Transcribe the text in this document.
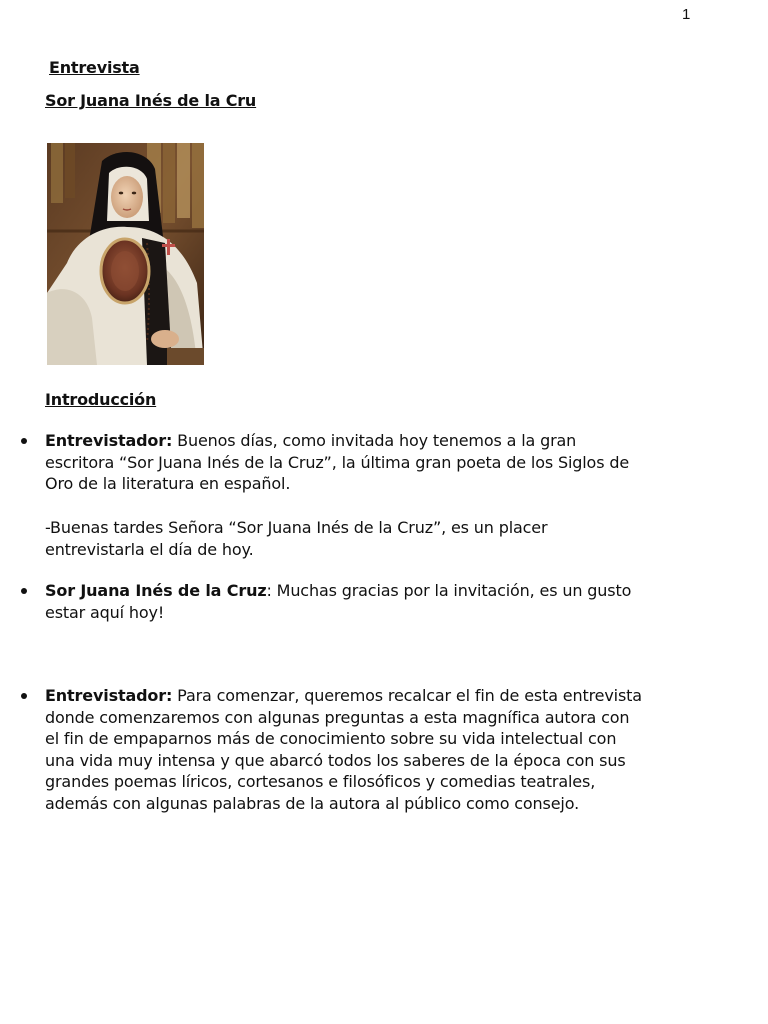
1
Entrevista
Sor Juana Inés de la Cru
Introducción
Entrevistador: Buenos días, como invitada hoy tenemos a la gran escritora “Sor Juana Inés de la Cruz”, la última gran poeta de los Siglos de Oro de la literatura en español.
-Buenas tardes Señora “Sor Juana Inés de la Cruz”, es un placer entrevistarla el día de hoy.
Sor Juana Inés de la Cruz: Muchas gracias por la invitación, es un gusto estar aquí hoy!
Entrevistador: Para comenzar, queremos recalcar el fin de esta entrevista donde comenzaremos con algunas preguntas a esta magnífica autora con el fin de empaparnos más de conocimiento sobre su vida intelectual con una vida muy intensa y que abarcó todos los saberes de la época con sus grandes poemas líricos, cortesanos e filosóficos y comedias teatrales, además con algunas palabras de la autora al público como consejo.
